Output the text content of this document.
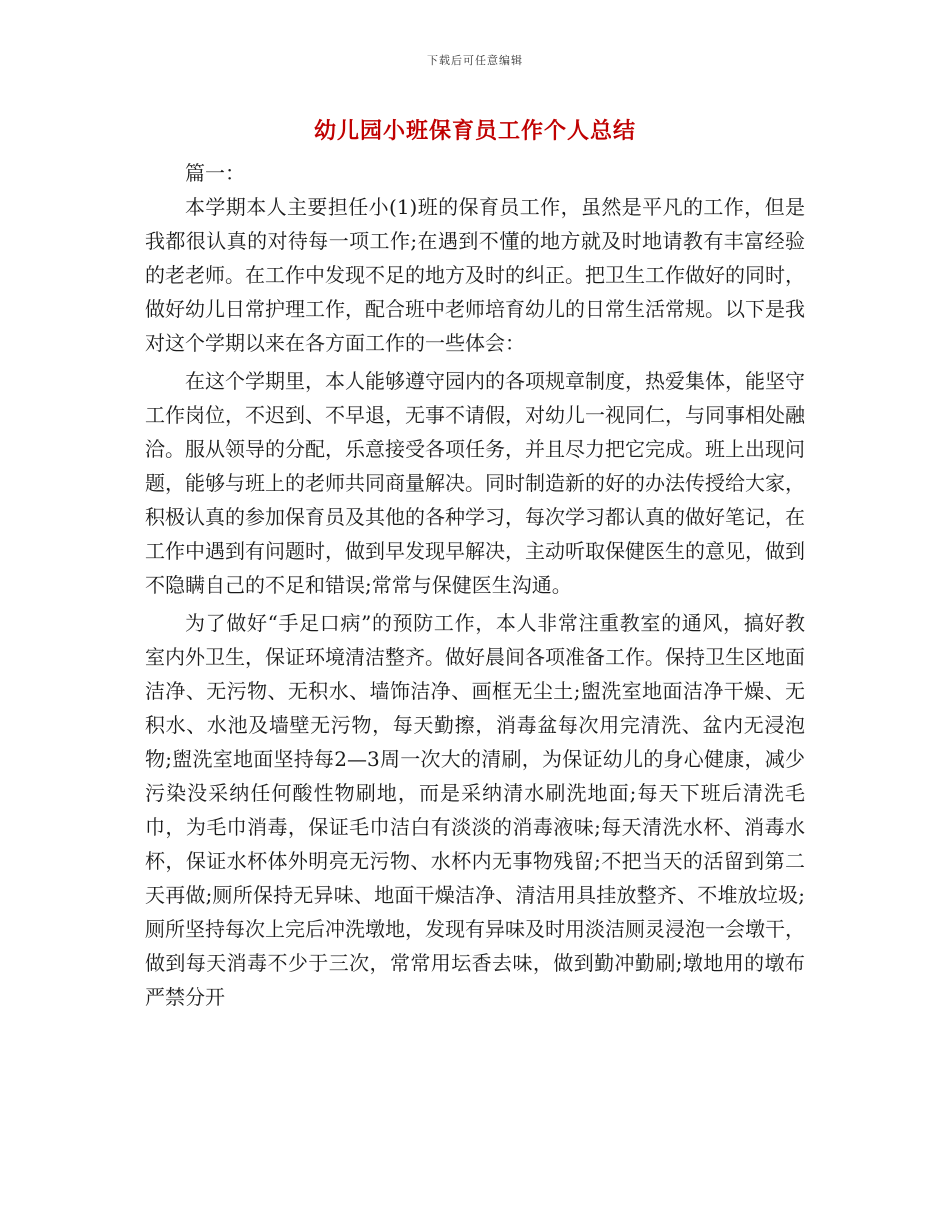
下载后可任意编辑
幼儿园小班保育员工作个人总结

篇一：

本学期本人主要担任小(1)班的保育员工作，虽然是平凡的工作，但是我都很认真的对待每一项工作;在遇到不懂的地方就及时地请教有丰富经验的老老师。在工作中发现不足的地方及时的纠正。把卫生工作做好的同时，做好幼儿日常护理工作，配合班中老师培育幼儿的日常生活常规。以下是我对这个学期以来在各方面工作的一些体会：

在这个学期里，本人能够遵守园内的各项规章制度，热爱集体，能坚守工作岗位，不迟到、不早退，无事不请假，对幼儿一视同仁，与同事相处融洽。服从领导的分配，乐意接受各项任务，并且尽力把它完成。班上出现问题，能够与班上的老师共同商量解决。同时制造新的好的办法传授给大家，积极认真的参加保育员及其他的各种学习，每次学习都认真的做好笔记，在工作中遇到有问题时，做到早发现早解决，主动听取保健医生的意见，做到不隐瞒自己的不足和错误;常常与保健医生沟通。

为了做好“手足口病”的预防工作，本人非常注重教室的通风，搞好教室内外卫生，保证环境清洁整齐。做好晨间各项准备工作。保持卫生区地面洁净、无污物、无积水、墙饰洁净、画框无尘土;盥洗室地面洁净干燥、无积水、水池及墙壁无污物，每天勤擦，消毒盆每次用完清洗、盆内无浸泡物;盥洗室地面坚持每2—3周一次大的清刷，为保证幼儿的身心健康，减少污染没采纳任何酸性物刷地，而是采纳清水刷洗地面;每天下班后清洗毛巾，为毛巾消毒，保证毛巾洁白有淡淡的消毒液味;每天清洗水杯、消毒水杯，保证水杯体外明亮无污物、水杯内无事物残留;不把当天的活留到第二天再做;厕所保持无异味、地面干燥洁净、清洁用具挂放整齐、不堆放垃圾;厕所坚持每次上完后冲洗墩地，发现有异味及时用淡洁厕灵浸泡一会墩干，做到每天消毒不少于三次，常常用坛香去味，做到勤冲勤刷;墩地用的墩布严禁分开
